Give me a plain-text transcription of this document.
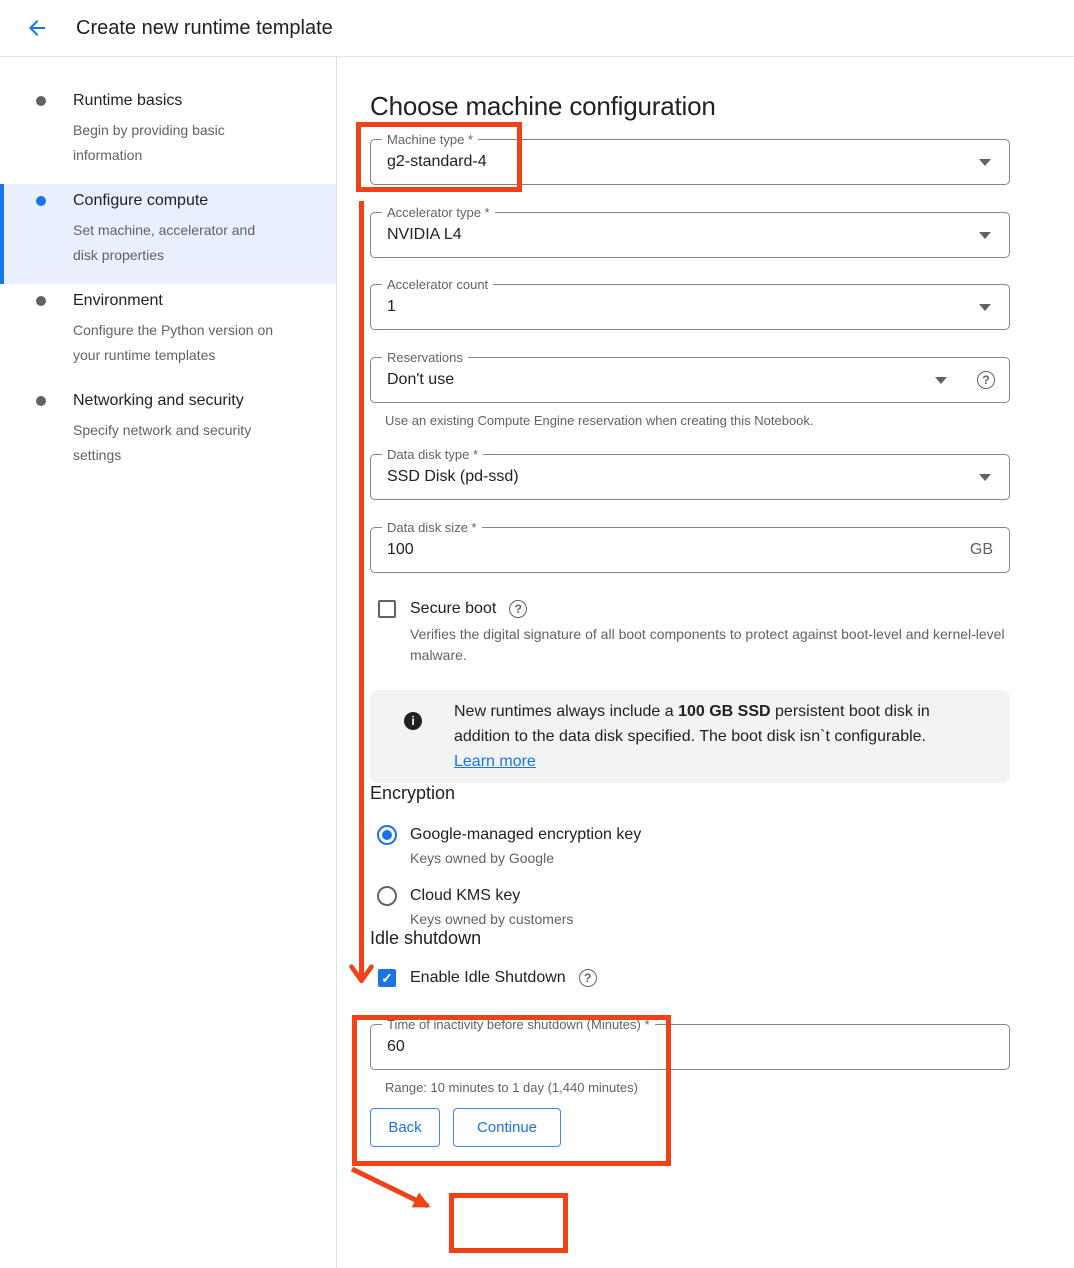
Create new runtime template
Runtime basics
Begin by providing basic information
Configure compute
Set machine, accelerator and disk properties
Environment
Configure the Python version on your runtime templates
Networking and security
Specify network and security settings
Choose machine configuration
Machine type *
g2-standard-4
Accelerator type *
NVIDIA L4
Accelerator count
1
Reservations
Don't use
?
Use an existing Compute Engine reservation when creating this Notebook.
Data disk type *
SSD Disk (pd-ssd)
Data disk size *
100	GB
Secure boot
?
Verifies the digital signature of all boot components to protect against boot-level and kernel-level malware.
i
New runtimes always include a 100 GB SSD persistent boot disk in addition to the data disk specified. The boot disk isn`t configurable.
Learn more
Encryption
Google-managed encryption key
Keys owned by Google
Cloud KMS key
Keys owned by customers
Idle shutdown
✓
Enable Idle Shutdown
?
Time of inactivity before shutdown (Minutes) *
60
Range: 10 minutes to 1 day (1,440 minutes)
Back	Continue
